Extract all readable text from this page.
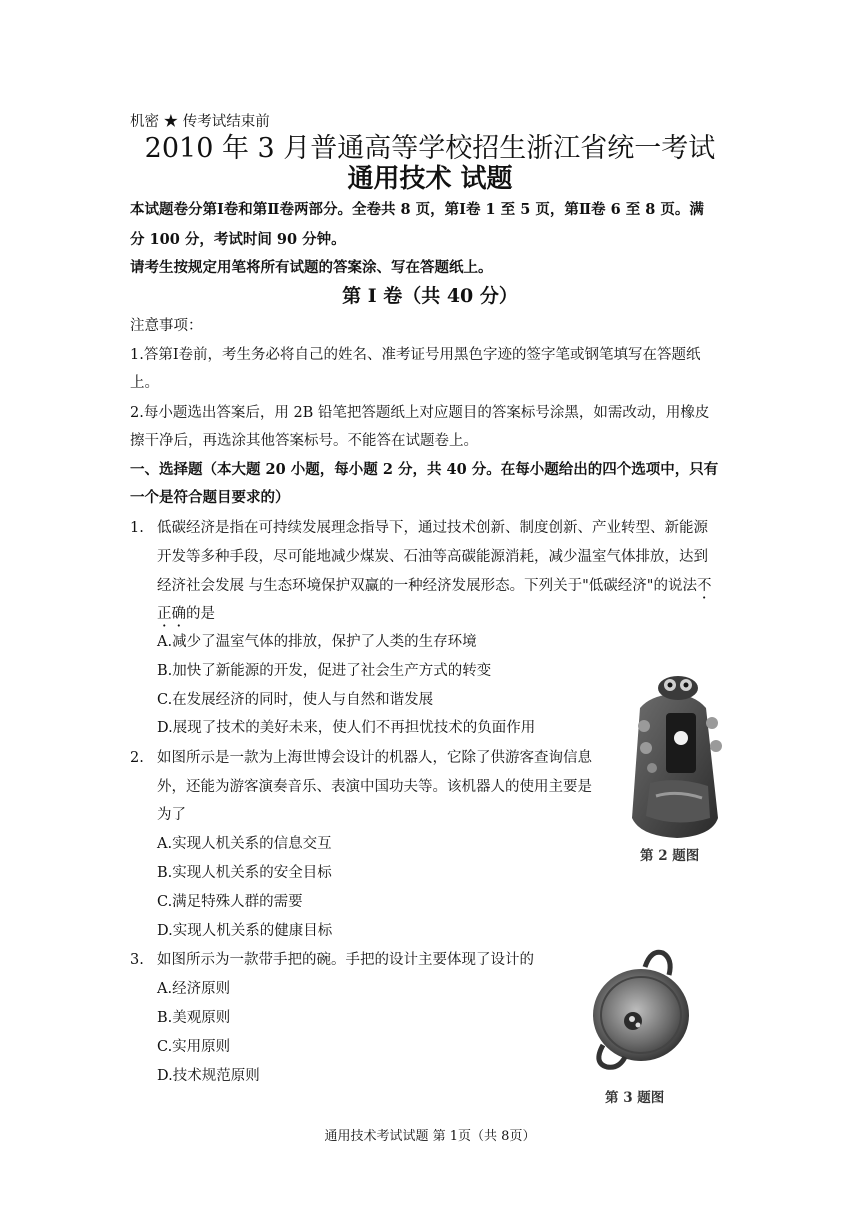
机密 ★ 传考试结束前
2010 年 3 月普通高等学校招生浙江省统一考试
通用技术 试题
本试题卷分第Ⅰ卷和第Ⅱ卷两部分。全卷共 8 页，第Ⅰ卷 1 至 5 页，第Ⅱ卷 6 至 8 页。满
分 100 分，考试时间 90 分钟。
请考生按规定用笔将所有试题的答案涂、写在答题纸上。
第 I 卷（共 40 分）
注意事项：
1.答第Ⅰ卷前，考生务必将自己的姓名、准考证号用黑色字迹的签字笔或钢笔填写在答题纸
上。
2.每小题选出答案后，用 2B 铅笔把答题纸上对应题目的答案标号涂黑，如需改动，用橡皮
擦干净后，再选涂其他答案标号。不能答在试题卷上。
一、选择题（本大题 20 小题，每小题 2 分，共 40 分。在每小题给出的四个选项中，只有
一个是符合题目要求的）
1. 低碳经济是指在可持续发展理念指导下，通过技术创新、制度创新、产业转型、新能源
开发等多种手段，尽可能地减少煤炭、石油等高碳能源消耗，减少温室气体排放，达到
经济社会发展 与生态环境保护双赢的一种经济发展形态。下列关于"低碳经济"的说法不
正确的是
A.减少了温室气体的排放，保护了人类的生存环境
B.加快了新能源的开发，促进了社会生产方式的转变
C.在发展经济的同时，使人与自然和谐发展
D.展现了技术的美好未来，使人们不再担忧技术的负面作用
2. 如图所示是一款为上海世博会设计的机器人，它除了供游客查询信息
外，还能为游客演奏音乐、表演中国功夫等。该机器人的使用主要是
为了
A.实现人机关系的信息交互
B.实现人机关系的安全目标
C.满足特殊人群的需要
D.实现人机关系的健康目标
第 2 题图
3. 如图所示为一款带手把的碗。手把的设计主要体现了设计的
A.经济原则
B.美观原则
C.实用原则
D.技术规范原则
第 3 题图
通用技术考试试题 第 1页（共 8页）
